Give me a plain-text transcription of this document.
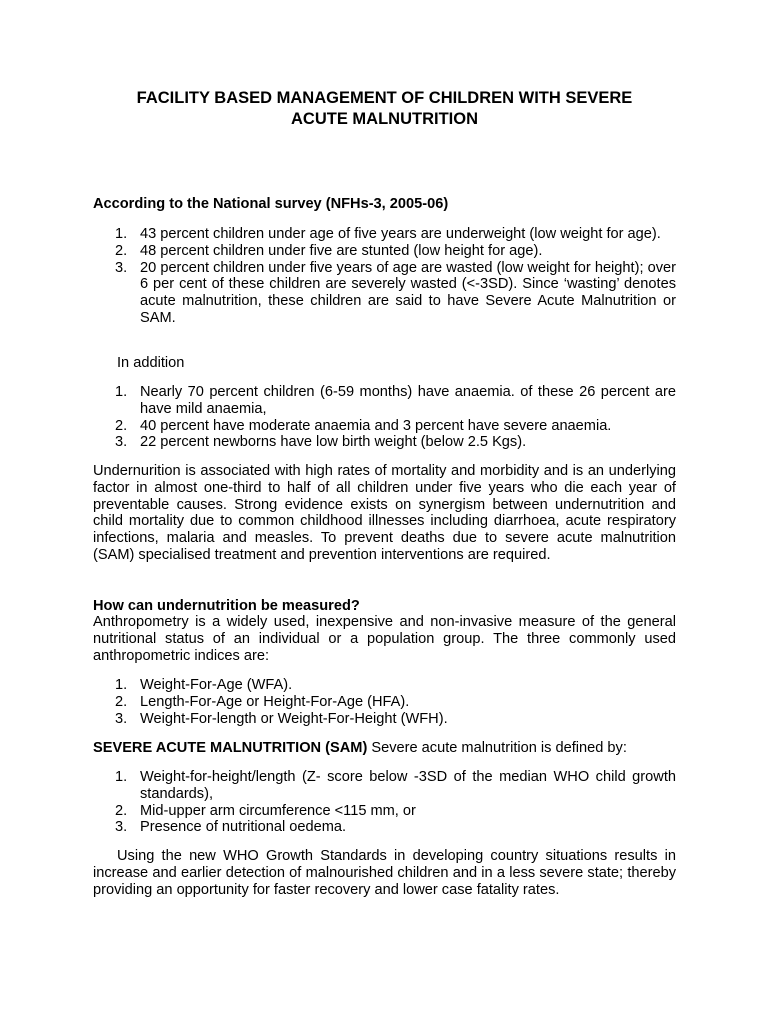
FACILITY BASED MANAGEMENT OF CHILDREN WITH SEVERE
ACUTE MALNUTRITION
According to the National survey (NFHs-3, 2005-06)
1. 43 percent children under age of five years are underweight (low weight for age).
2. 48 percent children under five are stunted (low height for age).
3. 20 percent children under five years of age are wasted (low weight for height); over 6 per cent of these children are severely wasted (<-3SD). Since ‘wasting’ denotes acute malnutrition, these children are said to have Severe Acute Malnutrition or SAM.
In addition
1. Nearly 70 percent children (6-59 months) have anaemia. of these 26 percent are have mild anaemia,
2. 40 percent have moderate anaemia and 3 percent have severe anaemia.
3. 22 percent newborns have low birth weight (below 2.5 Kgs).
Undernurition is associated with high rates of mortality and morbidity and is an underlying factor in almost one-third to half of all children under five years who die each year of preventable causes. Strong evidence exists on synergism between undernutrition and child mortality due to common childhood illnesses including diarrhoea, acute respiratory infections, malaria and measles. To prevent deaths due to severe acute malnutrition (SAM) specialised treatment and prevention interventions are required.
How can undernutrition be measured?
Anthropometry is a widely used, inexpensive and non-invasive measure of the general nutritional status of an individual or a population group. The three commonly used anthropometric indices are:
1. Weight-For-Age (WFA).
2. Length-For-Age or Height-For-Age (HFA).
3. Weight-For-length or Weight-For-Height (WFH).
SEVERE ACUTE MALNUTRITION (SAM) Severe acute malnutrition is defined by:
1. Weight-for-height/length (Z- score below -3SD of the median WHO child growth standards),
2. Mid-upper arm circumference <115 mm, or
3. Presence of nutritional oedema.
Using the new WHO Growth Standards in developing country situations results in increase and earlier detection of malnourished children and in a less severe state; thereby providing an opportunity for faster recovery and lower case fatality rates.
